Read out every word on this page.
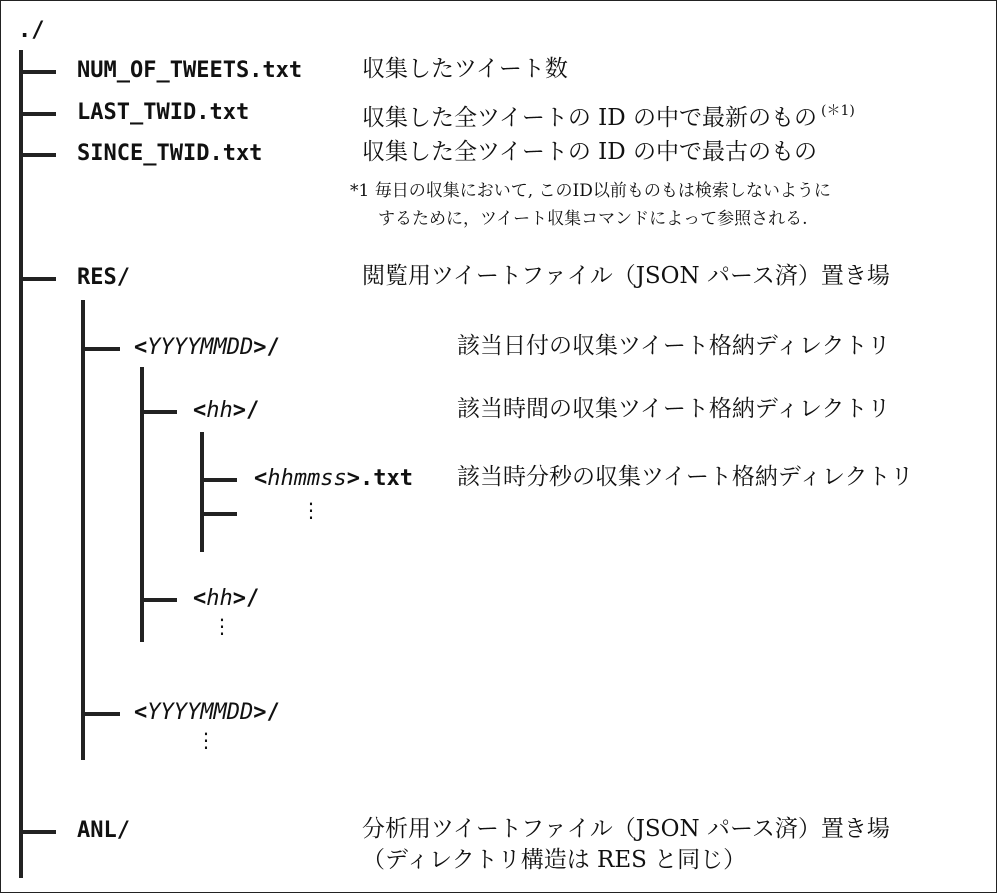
./
NUM_OF_TWEETS.txt
LAST_TWID.txt
SINCE_TWID.txt
RES/
ANL/
収集したツイート数
収集した全ツイートの ID の中で最新のもの $^{(*1)}$
収集した全ツイートの ID の中で最古のもの
*1 毎日の収集において, このID以前ものもは検索しないように
するために，ツイート収集コマンドによって参照される.
閲覧用ツイートファイル（JSON パース済）置き場
分析用ツイートファイル（JSON パース済）置き場
（ディレクトリ構造は RES と同じ）
<YYYYMMDD>/	該当日付の収集ツイート格納ディレクトリ
<YYYYMMDD>/
⋮
<hh>/	該当時間の収集ツイート格納ディレクトリ
<hh>/
⋮
<hhmmss>.txt 該当時分秒の収集ツイート格納ディレクトリ
⋮
